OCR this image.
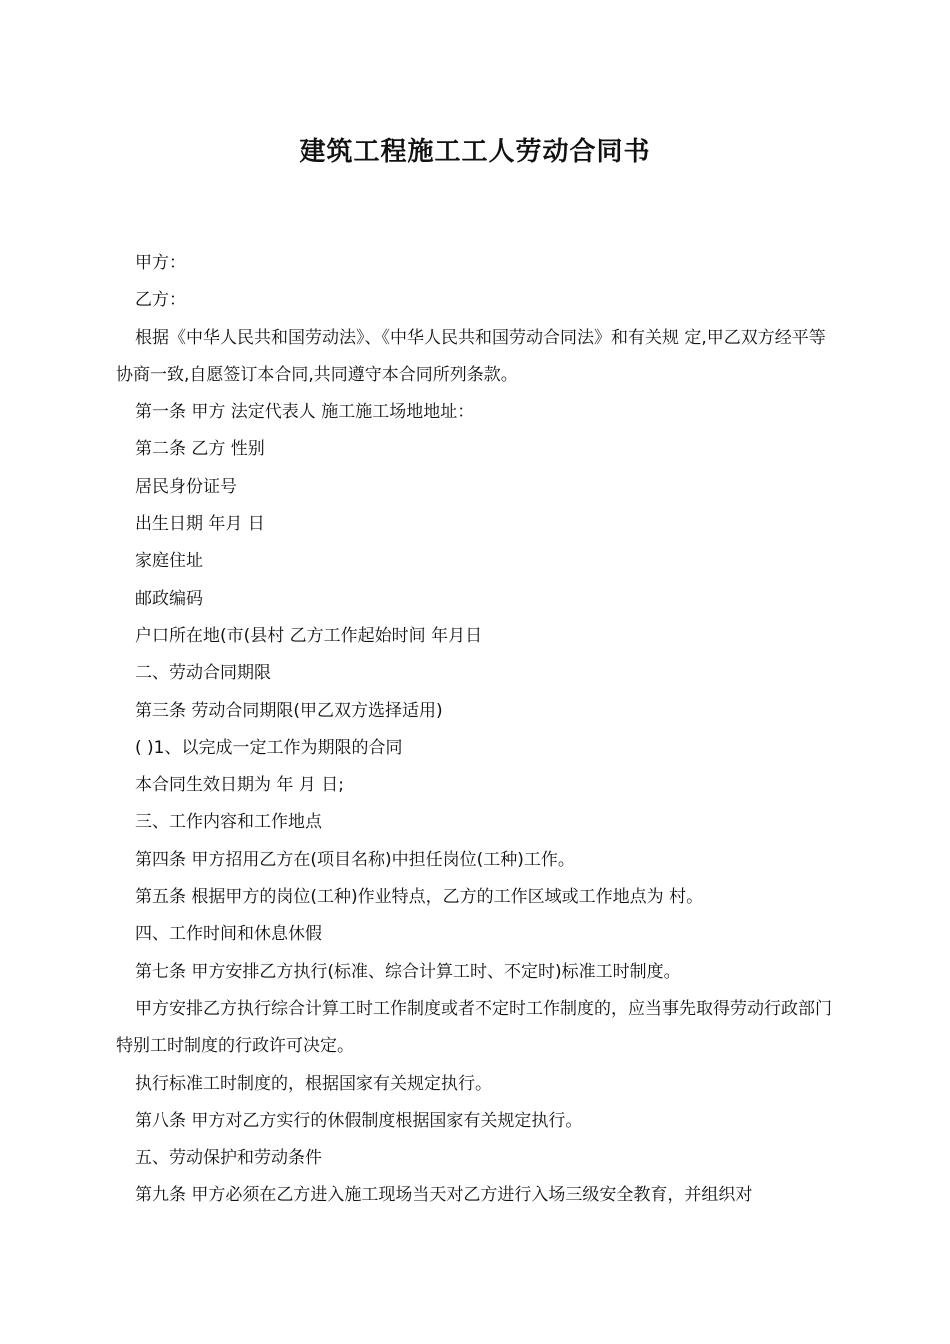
建筑工程施工工人劳动合同书
甲方：
乙方：
根据《中华人民共和国劳动法》、《中华人民共和国劳动合同法》和有关规 定,甲乙双方经平等协商一致,自愿签订本合同,共同遵守本合同所列条款。
第一条 甲方 法定代表人 施工施工场地地址：
第二条 乙方 性别
居民身份证号
出生日期 年月 日
家庭住址
邮政编码
户口所在地(市(县村 乙方工作起始时间 年月日
二、劳动合同期限
第三条 劳动合同期限(甲乙双方选择适用)
( )1、以完成一定工作为期限的合同
本合同生效日期为 年 月 日;
三、工作内容和工作地点
第四条 甲方招用乙方在(项目名称)中担任岗位(工种)工作。
第五条 根据甲方的岗位(工种)作业特点，乙方的工作区域或工作地点为 村。
四、工作时间和休息休假
第七条 甲方安排乙方执行(标准、综合计算工时、不定时)标准工时制度。
甲方安排乙方执行综合计算工时工作制度或者不定时工作制度的，应当事先取得劳动行政部门特别工时制度的行政许可决定。
执行标准工时制度的，根据国家有关规定执行。
第八条 甲方对乙方实行的休假制度根据国家有关规定执行。
五、劳动保护和劳动条件
第九条 甲方必须在乙方进入施工现场当天对乙方进行入场三级安全教育，并组织对
